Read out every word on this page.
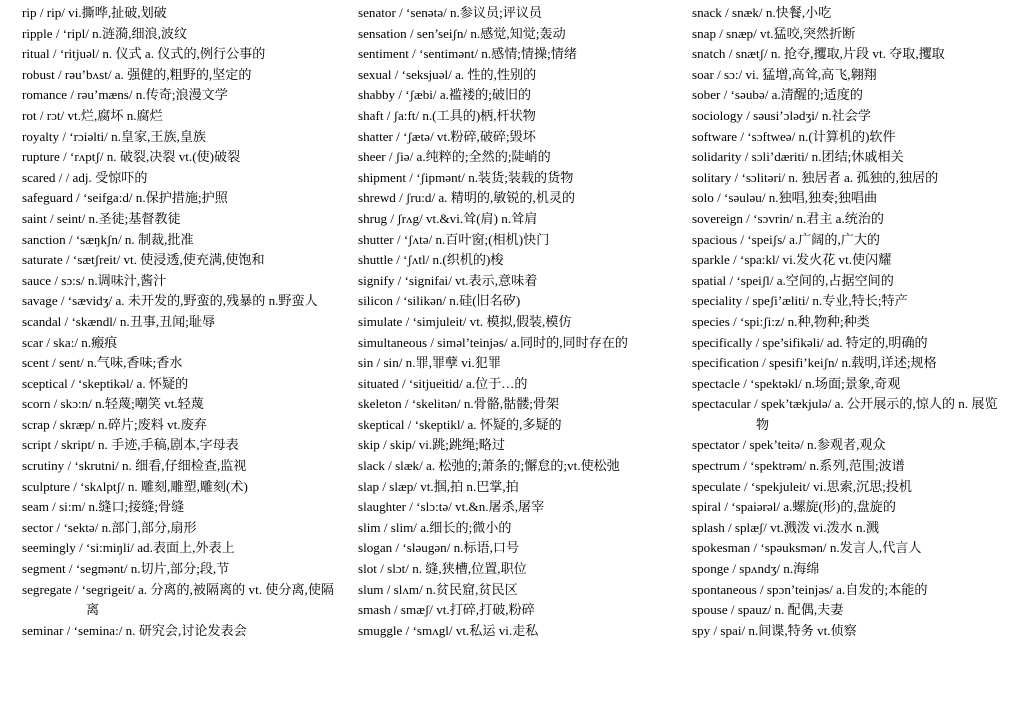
rip / rip/ vi.撕哗,扯破,划破

ripple / ‘ripl/ n.涟漪,细浪,波纹

ritual / ‘ritjuəl/ n. 仪式 a. 仪式的,例行公事的

robust / rəu’bʌst/ a. 强健的,粗野的,坚定的

romance / rəu’mæns/ n.传奇;浪漫文学

rot / rɔt/ vt.烂,腐坏 n.腐烂

royalty / ‘rɔiəlti/ n.皇家,王族,皇族

rupture / ‘rʌptʃ/ n. 破裂,决裂 vt.(使)破裂

scared / / adj. 受惊吓的

safeguard / ‘seifga:d/ n.保护措施;护照

saint / seint/ n.圣徒;基督教徒

sanction / ‘sæŋkʃn/ n. 制裁,批准

saturate / ‘sætʃreit/ vt. 使浸透,使充满,使饱和

sauce / sɔ:s/ n.调味汁,酱汁

savage / ‘sævidʒ/ a. 未开发的,野蛮的,残暴的 n.野蛮人

scandal / ‘skændl/ n.丑事,丑闻;耻辱

scar / ska:/ n.瘢痕

scent / sent/ n.气味,香味;香水

sceptical / ‘skeptikəl/ a. 怀疑的

scorn / skɔ:n/ n.轻蔑;嘲笑 vt.轻蔑

scrap / skræp/ n.碎片;废料 vt.废弃

script / skript/ n. 手迹,手稿,剧本,字母表

scrutiny / ‘skrutni/ n. 细看,仔细检查,监视

sculpture / ‘skʌlptʃ/ n. 雕刻,雕塑,雕刻(术)

seam / si:m/ n.缝口;接缝;骨缝

sector / ‘sektə/ n.部门,部分,扇形

seemingly / ‘si:miŋli/ ad.表面上,外表上

segment / ‘segmənt/ n.切片,部分;段,节

segregate / ‘segrigeit/ a. 分离的,被隔离的 vt. 使分离,使隔离

seminar / ‘semina:/ n. 研究会,讨论发表会

senator / ‘senətə/ n.参议员;评议员

sensation / sen’seiʃn/ n.感觉,知觉;轰动

sentiment / ‘sentimənt/ n.感情;情操;情绪

sexual / ‘seksjuəl/ a. 性的,性别的

shabby / ‘ʃæbi/ a.褴褛的;破旧的

shaft / ʃa:ft/ n.(工具的)柄,杆状物

shatter / ‘ʃætə/ vt.粉碎,破碎;毁坏

sheer / ʃiə/ a.纯粹的;全然的;陡峭的

shipment / ‘ʃipmənt/ n.装货;装载的货物

shrewd / ʃru:d/ a. 精明的,敏锐的,机灵的

shrug / ʃrʌg/ vt.&vi.耸(肩) n.耸肩

shutter / ‘ʃʌtə/ n.百叶窗;(相机)快门

shuttle / ‘ʃʌtl/ n.(织机的)梭

signify / ‘signifai/ vt.表示,意味着

silicon / ‘silikən/ n.硅(旧名矽)

simulate / ‘simjuleit/ vt. 模拟,假装,模仿

simultaneous / siməl’teinjəs/ a.同时的,同时存在的

sin / sin/ n.罪,罪孽 vi.犯罪

situated / ‘sitjueitid/ a.位于…的

skeleton / ‘skelitən/ n.骨骼,骷髅;骨架

skeptical / ‘skeptikl/ a. 怀疑的,多疑的

skip / skip/ vi.跳;跳绳;略过

slack / slæk/ a. 松弛的;萧条的;懈怠的;vt.使松弛

slap / slæp/ vt.掴,拍 n.巴掌,拍

slaughter / ‘slɔ:tə/ vt.&n.屠杀,屠宰

slim / slim/ a.细长的;微小的

slogan / ‘sləugən/ n.标语,口号

slot / slɔt/ n. 缝,狭槽,位置,职位

slum / slʌm/ n.贫民窟,贫民区

smash / smæʃ/ vt.打碎,打破,粉碎

smuggle / ‘smʌgl/ vt.私运 vi.走私

snack / snæk/ n.快餐,小吃

snap / snæp/ vt.猛咬,突然折断

snatch / snætʃ/ n. 抢夺,攫取,片段 vt. 夺取,攫取

soar / sɔ:/ vi. 猛增,高耸,高飞,翱翔

sober / ‘səubə/ a.清醒的;适度的

sociology / səusi’ɔlədʒi/ n.社会学

software / ‘sɔftweə/ n.(计算机的)软件

solidarity / sɔli’dæriti/ n.团结;休戚相关

solitary / ‘sɔlitəri/ n. 独居者 a. 孤独的,独居的

solo / ‘səuləu/ n.独唱,独奏;独唱曲

sovereign / ‘sɔvrin/ n.君主 a.统治的

spacious / ‘speiʃs/ a.广阔的,广大的

sparkle / ‘spa:kl/ vi.发火花 vt.使闪耀

spatial / ‘speiʃl/ a.空间的,占据空间的

speciality / speʃi’æliti/ n.专业,特长;特产

species / ‘spi:ʃi:z/ n.种,物种;种类

specifically / spe’sifikəli/ ad. 特定的,明确的

specification / spesifi’keiʃn/ n.载明,详述;规格

spectacle / ‘spektəkl/ n.场面;景象,奇观

spectacular / spek’tækjulə/ a. 公开展示的,惊人的 n. 展览物

spectator / spek’teitə/ n.参观者,观众

spectrum / ‘spektrəm/ n.系列,范围;波谱

speculate / ‘spekjuleit/ vi.思索,沉思;投机

spiral / ‘spaiərəl/ a.螺旋(形)的,盘旋的

splash / splæʃ/ vt.溅泼 vi.泼水 n.溅

spokesman / ‘spəuksmən/ n.发言人,代言人

sponge / spʌndʒ/ n.海绵

spontaneous / spɔn’teinjəs/ a.自发的;本能的

spouse / spauz/ n. 配偶,夫妻

spy / spai/ n.间谍,特务 vt.侦察
